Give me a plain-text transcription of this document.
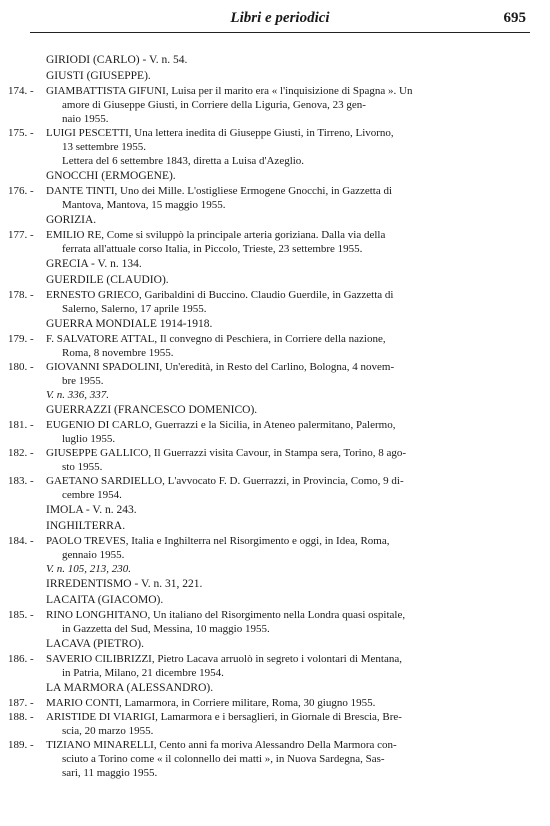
Libri e periodici	695
GIRIODI (CARLO) - V. n. 54.
GIUSTI (GIUSEPPE).
174. -	GIAMBATTISTA GIFUNI, Luisa per il marito era « l'inquisizione di Spagna ». Un
amore di Giuseppe Giusti, in Corriere della Liguria, Genova, 23 gen-
naio 1955.
175. -	LUIGI PESCETTI, Una lettera inedita di Giuseppe Giusti, in Tirreno, Livorno,
13 settembre 1955.
Lettera del 6 settembre 1843, diretta a Luisa d'Azeglio.
GNOCCHI (ERMOGENE).
176. -	DANTE TINTI, Uno dei Mille. L'ostigliese Ermogene Gnocchi, in Gazzetta di
Mantova, Mantova, 15 maggio 1955.
GORIZIA.
177. -	EMILIO RE, Come si sviluppò la principale arteria goriziana. Dalla via della
ferrata all'attuale corso Italia, in Piccolo, Trieste, 23 settembre 1955.
GRECIA - V. n. 134.
GUERDILE (CLAUDIO).
178. -	ERNESTO GRIECO, Garibaldini di Buccino. Claudio Guerdile, in Gazzetta di
Salerno, Salerno, 17 aprile 1955.
GUERRA MONDIALE 1914-1918.
179. -	F. SALVATORE ATTAL, Il convegno di Peschiera, in Corriere della nazione,
Roma, 8 novembre 1955.
180. -	GIOVANNI SPADOLINI, Un'eredità, in Resto del Carlino, Bologna, 4 novem-
bre 1955.
V. n. 336, 337.
GUERRAZZI (FRANCESCO DOMENICO).
181. -	EUGENIO DI CARLO, Guerrazzi e la Sicilia, in Ateneo palermitano, Palermo,
luglio 1955.
182. -	GIUSEPPE GALLICO, Il Guerrazzi visita Cavour, in Stampa sera, Torino, 8 ago-
sto 1955.
183. -	GAETANO SARDIELLO, L'avvocato F. D. Guerrazzi, in Provincia, Como, 9 di-
cembre 1954.
IMOLA - V. n. 243.
INGHILTERRA.
184. -	PAOLO TREVES, Italia e Inghilterra nel Risorgimento e oggi, in Idea, Roma,
gennaio 1955.
V. n. 105, 213, 230.
IRREDENTISMO - V. n. 31, 221.
LACAITA (GIACOMO).
185. -	RINO LONGHITANO, Un italiano del Risorgimento nella Londra quasi ospitale,
in Gazzetta del Sud, Messina, 10 maggio 1955.
LACAVA (PIETRO).
186. -	SAVERIO CILIBRIZZI, Pietro Lacava arruolò in segreto i volontari di Mentana,
in Patria, Milano, 21 dicembre 1954.
LA MARMORA (ALESSANDRO).
187. -	MARIO CONTI, Lamarmora, in Corriere militare, Roma, 30 giugno 1955.
188. -	ARISTIDE DI VIARIGI, Lamarmora e i bersaglieri, in Giornale di Brescia, Bre-
scia, 20 marzo 1955.
189. -	TIZIANO MINARELLI, Cento anni fa moriva Alessandro Della Marmora con-
sciuto a Torino come « il colonnello dei matti », in Nuova Sardegna, Sas-
sari, 11 maggio 1955.
